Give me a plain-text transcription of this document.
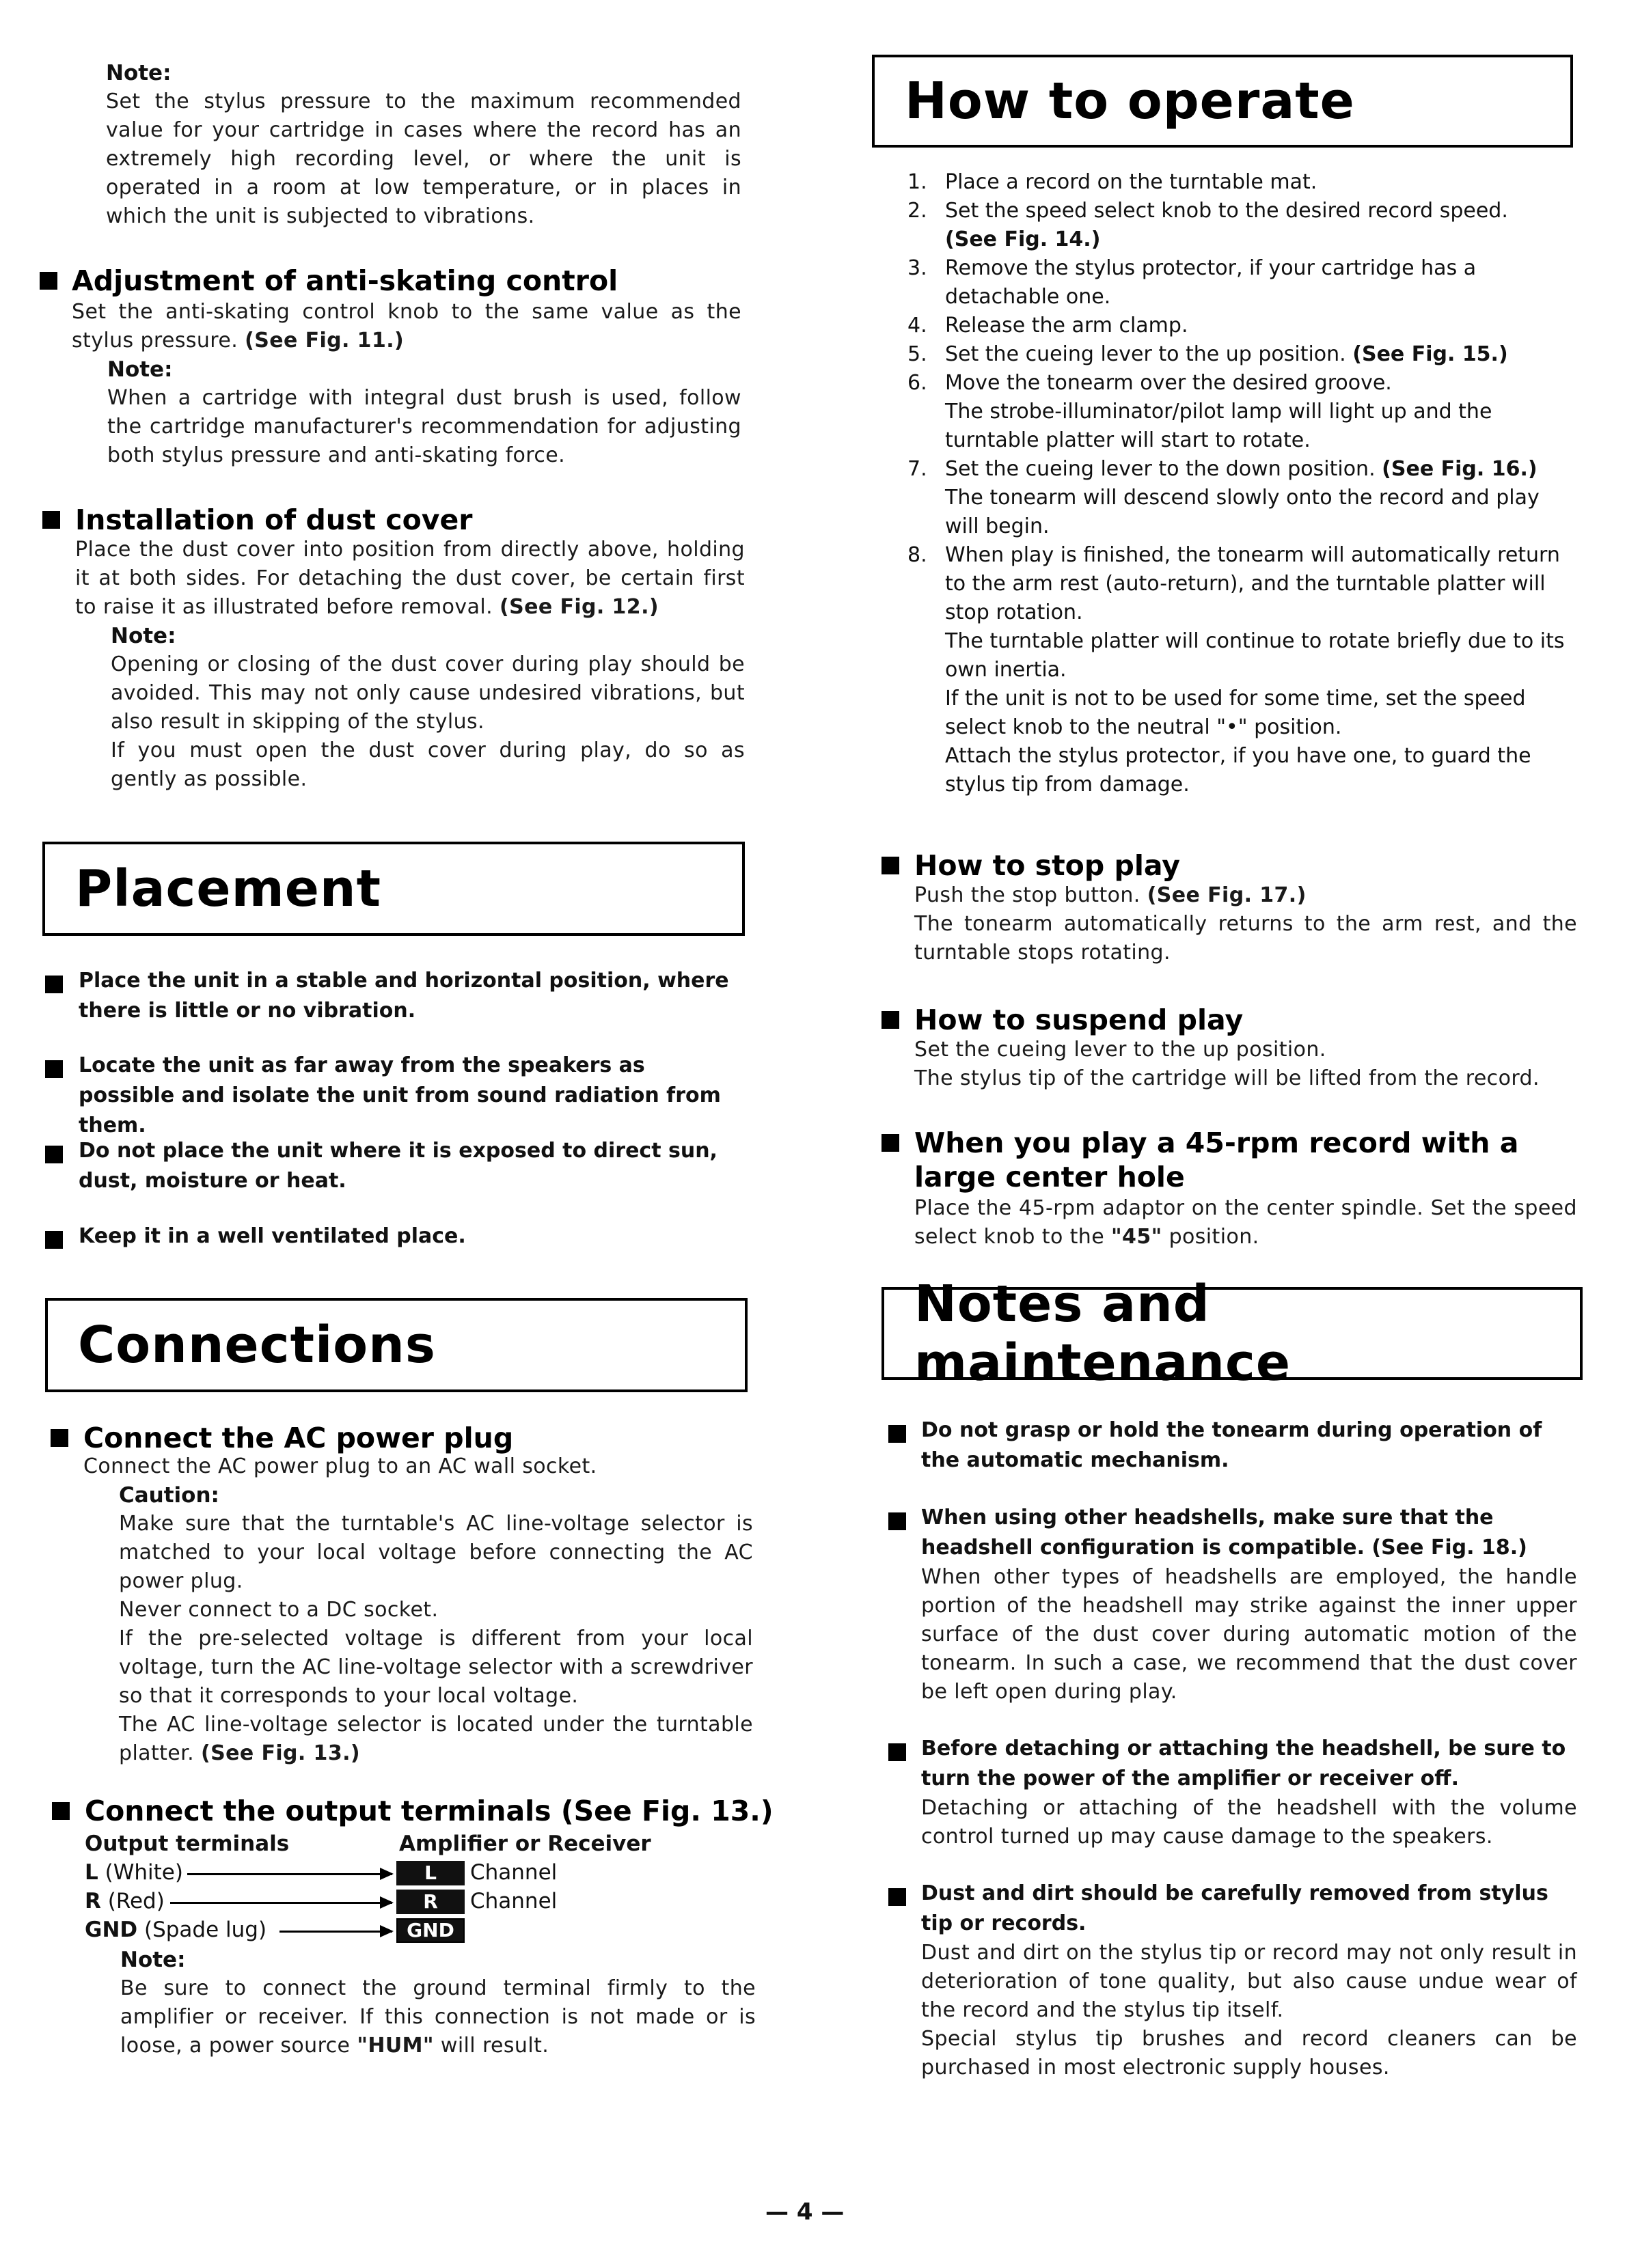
Note:

Set the stylus pressure to the maximum recommended value for your cartridge in cases where the record has an extremely high recording level, or where the unit is operated in a room at low temperature, or in places in which the unit is subjected to vibrations.

Adjustment of anti-skating control

Set the anti-skating control knob to the same value as the stylus pressure. (See Fig. 11.)

Note:

When a cartridge with integral dust brush is used, follow the cartridge manufacturer's recommendation for adjusting both stylus pressure and anti-skating force.

Installation of dust cover

Place the dust cover into position from directly above, holding it at both sides. For detaching the dust cover, be certain first to raise it as illustrated before removal. (See Fig. 12.)

Note:

Opening or closing of the dust cover during play should be avoided. This may not only cause undesired vibrations, but also result in skipping of the stylus.

If you must open the dust cover during play, do so as gently as possible.

Placement
Place the unit in a stable and horizontal position, where there is little or no vibration.
Locate the unit as far away from the speakers as possible and isolate the unit from sound radiation from them.
Do not place the unit where it is exposed to direct sun, dust, moisture or heat.
Keep it in a well ventilated place.
Connections
Connect the AC power plug

Connect the AC power plug to an AC wall socket.

Caution:

Make sure that the turntable's AC line-voltage selector is matched to your local voltage before connecting the AC power plug.

Never connect to a DC socket.

If the pre-selected voltage is different from your local voltage, turn the AC line-voltage selector with a screwdriver so that it corresponds to your local voltage.

The AC line-voltage selector is located under the turntable platter. (See Fig. 13.)

Connect the output terminals (See Fig. 13.)
Output terminals	Amplifier or Receiver
L (White)	L	Channel
R (Red)	R	Channel
GND (Spade lug)	GND

Note:

Be sure to connect the ground terminal firmly to the amplifier or receiver. If this connection is not made or is loose, a power source "HUM" will result.

How to operate
1. Place a record on the turntable mat.
2. Set the speed select knob to the desired record speed.
(See Fig. 14.)
3. Remove the stylus protector, if your cartridge has a detachable one.
4. Release the arm clamp.
5. Set the cueing lever to the up position. (See Fig. 15.)
6. Move the tonearm over the desired groove.
The strobe-illuminator/pilot lamp will light up and the turntable platter will start to rotate.
7. Set the cueing lever to the down position. (See Fig. 16.)
The tonearm will descend slowly onto the record and play will begin.
8. When play is finished, the tonearm will automatically return to the arm rest (auto-return), and the turntable platter will stop rotation.
The turntable platter will continue to rotate briefly due to its own inertia.
If the unit is not to be used for some time, set the speed select knob to the neutral "•" position.
Attach the stylus protector, if you have one, to guard the stylus tip from damage.
How to stop play

Push the stop button. (See Fig. 17.)

The tonearm automatically returns to the arm rest, and the turntable stops rotating.

How to suspend play

Set the cueing lever to the up position.

The stylus tip of the cartridge will be lifted from the record.

When you play a 45-rpm record with a large center hole

Place the 45-rpm adaptor on the center spindle. Set the speed select knob to the "45" position.

Notes and maintenance

Do not grasp or hold the tonearm during operation of the automatic mechanism.

When using other headshells, make sure that the headshell configuration is compatible. (See Fig. 18.)

When other types of headshells are employed, the handle portion of the headshell may strike against the inner upper surface of the dust cover during automatic motion of the tonearm. In such a case, we recommend that the dust cover be left open during play.

Before detaching or attaching the headshell, be sure to turn the power of the amplifier or receiver off.

Detaching or attaching of the headshell with the volume control turned up may cause damage to the speakers.

Dust and dirt should be carefully removed from stylus tip or records.

Dust and dirt on the stylus tip or record may not only result in deterioration of tone quality, but also cause undue wear of the record and the stylus tip itself.

Special stylus tip brushes and record cleaners can be purchased in most electronic supply houses.

— 4 —
